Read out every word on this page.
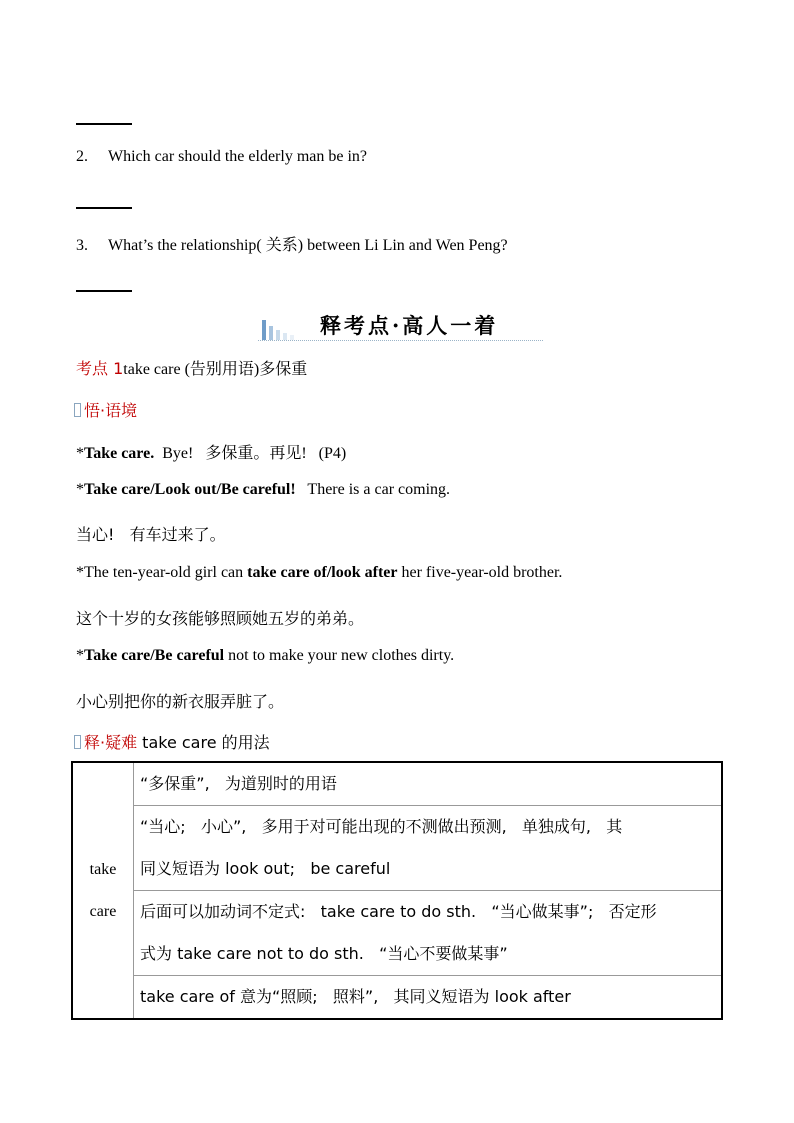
2. Which car should the elderly man be in?
3. What’s the relationship( 关系) between Li Lin and Wen Peng?
释考点·高人一着
考点 1take care (告别用语)多保重
悟·语境
*Take care.  Bye!   多保重。再见!   (P4)
*Take care/Look out/Be careful!   There is a car coming.
当心!   有车过来了。
*The ten-year-old girl can take care of/look after her five-year-old brother.
这个十岁的女孩能够照顾她五岁的弟弟。
*Take care/Be careful not to make your new clothes dirty.
小心别把你的新衣服弄脏了。
释·疑难 take care 的用法
take
care

“多保重”,   为道别时的用语

“当心;   小心”,   多用于对可能出现的不测做出预测,   单独成句,   其
同义短语为 look out;   be careful

后面可以加动词不定式:   take care to do sth.   “当心做某事”;   否定形
式为 take care not to do sth.   “当心不要做某事”

take care of 意为“照顾;   照料”,   其同义短语为 look after
